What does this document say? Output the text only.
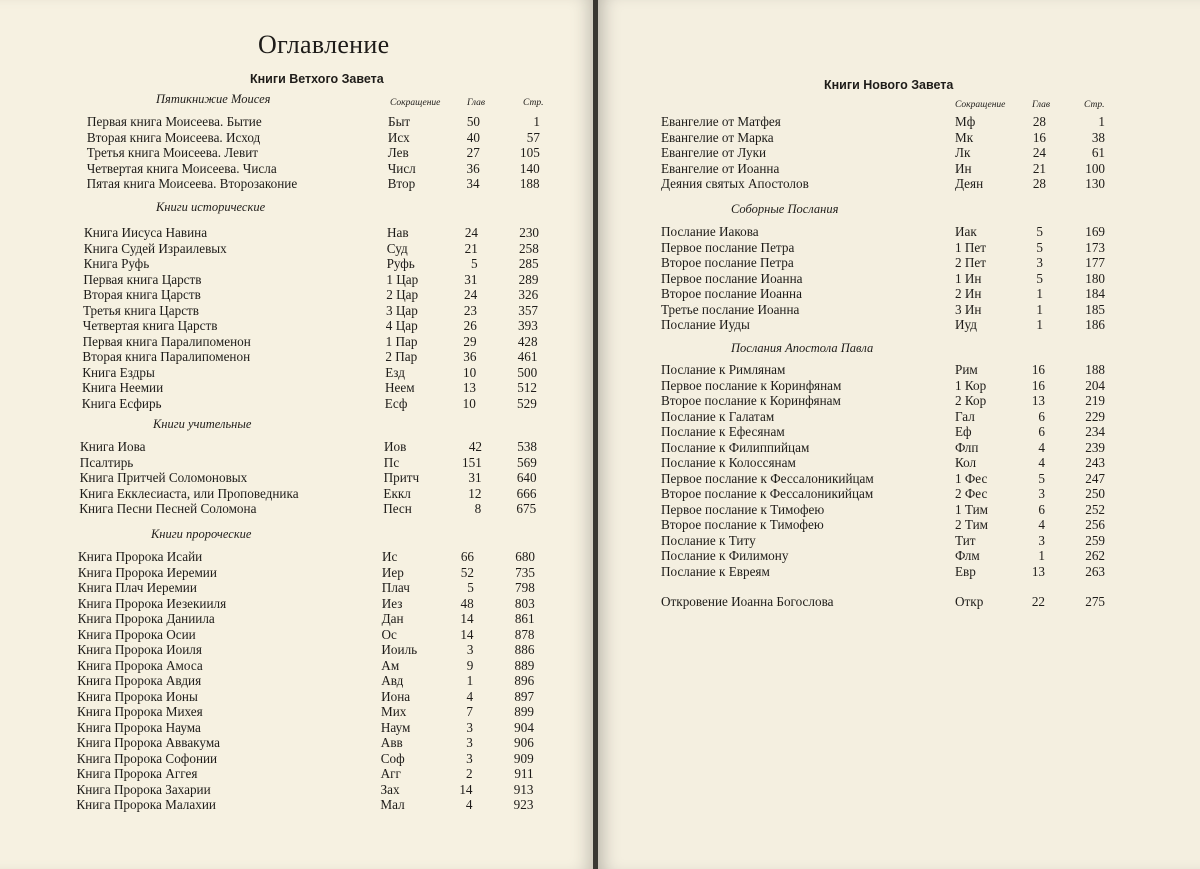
Оглавление
Книги Ветхого Завета
Сокращение	Глав	Стр.
Пятикнижие Моисея
Первая книга Моисеева. Бытие	Быт	50	1
Вторая книга Моисеева. Исход	Исх	40	57
Третья книга Моисеева. Левит	Лев	27	105
Четвертая книга Моисеева. Числа	Числ	36	140
Пятая книга Моисеева. Второзаконие	Втор	34	188
Книги исторические
Книга Иисуса Навина	Нав	24	230
Книга Судей Израилевых	Суд	21	258
Книга Руфь	Руфь	5	285
Первая книга Царств	1 Цар	31	289
Вторая книга Царств	2 Цар	24	326
Третья книга Царств	3 Цар	23	357
Четвертая книга Царств	4 Цар	26	393
Первая книга Паралипоменон	1 Пар	29	428
Вторая книга Паралипоменон	2 Пар	36	461
Книга Ездры	Езд	10	500
Книга Неемии	Неем	13	512
Книга Есфирь	Есф	10	529
Книги учительные
Книга Иова	Иов	42	538
Псалтирь	Пс	151	569
Книга Притчей Соломоновых	Притч	31	640
Книга Екклесиаста, или Проповедника	Еккл	12	666
Книга Песни Песней Соломона	Песн	8	675
Книги пророческие
Книга Пророка Исайи	Ис	66	680
Книга Пророка Иеремии	Иер	52	735
Книга Плач Иеремии	Плач	5	798
Книга Пророка Иезекииля	Иез	48	803
Книга Пророка Даниила	Дан	14	861
Книга Пророка Осии	Ос	14	878
Книга Пророка Иоиля	Иоиль	3	886
Книга Пророка Амоса	Ам	9	889
Книга Пророка Авдия	Авд	1	896
Книга Пророка Ионы	Иона	4	897
Книга Пророка Михея	Мих	7	899
Книга Пророка Наума	Наум	3	904
Книга Пророка Аввакума	Авв	3	906
Книга Пророка Софонии	Соф	3	909
Книга Пророка Аггея	Агг	2	911
Книга Пророка Захарии	Зах	14	913
Книга Пророка Малахии	Мал	4	923
Книги Нового Завета
Сокращение	Глав	Стр.
Евангелие от Матфея	Мф	28	1
Евангелие от Марка	Мк	16	38
Евангелие от Луки	Лк	24	61
Евангелие от Иоанна	Ин	21	100
Деяния святых Апостолов	Деян	28	130
Соборные Послания
Послание Иакова	Иак	5	169
Первое послание Петра	1 Пет	5	173
Второе послание Петра	2 Пет	3	177
Первое послание Иоанна	1 Ин	5	180
Второе послание Иоанна	2 Ин	1	184
Третье послание Иоанна	3 Ин	1	185
Послание Иуды	Иуд	1	186
Послания Апостола Павла
Послание к Римлянам	Рим	16	188
Первое послание к Коринфянам	1 Кор	16	204
Второе послание к Коринфянам	2 Кор	13	219
Послание к Галатам	Гал	6	229
Послание к Ефесянам	Еф	6	234
Послание к Филиппийцам	Флп	4	239
Послание к Колоссянам	Кол	4	243
Первое послание к Фессалоникийцам	1 Фес	5	247
Второе послание к Фессалоникийцам	2 Фес	3	250
Первое послание к Тимофею	1 Тим	6	252
Второе послание к Тимофею	2 Тим	4	256
Послание к Титу	Тит	3	259
Послание к Филимону	Флм	1	262
Послание к Евреям	Евр	13	263
Откровение Иоанна Богослова	Откр	22	275
